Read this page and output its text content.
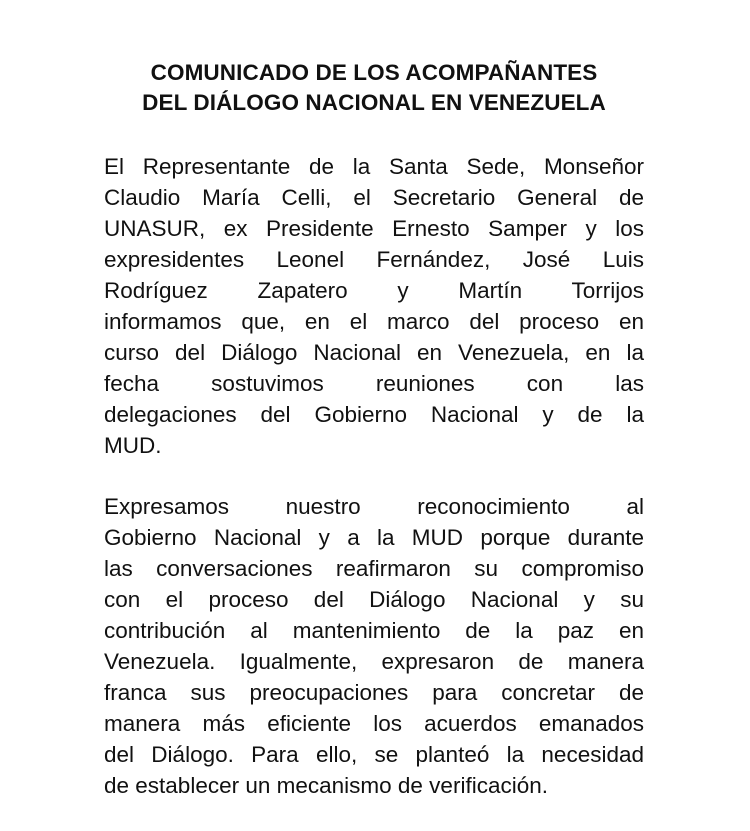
COMUNICADO DE LOS ACOMPAÑANTES
DEL DIÁLOGO NACIONAL EN VENEZUELA

El Representante de la Santa Sede, Monseñor
Claudio María Celli, el Secretario General de
UNASUR, ex Presidente Ernesto Samper y los
expresidentes Leonel Fernández, José Luis
Rodríguez Zapatero y Martín Torrijos
informamos que, en el marco del proceso en
curso del Diálogo Nacional en Venezuela, en la
fecha sostuvimos reuniones con las
delegaciones del Gobierno Nacional y de la
MUD.

Expresamos nuestro reconocimiento al
Gobierno Nacional y a la MUD porque durante
las conversaciones reafirmaron su compromiso
con el proceso del Diálogo Nacional y su
contribución al mantenimiento de la paz en
Venezuela. Igualmente, expresaron de manera
franca sus preocupaciones para concretar de
manera más eficiente los acuerdos emanados
del Diálogo. Para ello, se planteó la necesidad
de establecer un mecanismo de verificación.
